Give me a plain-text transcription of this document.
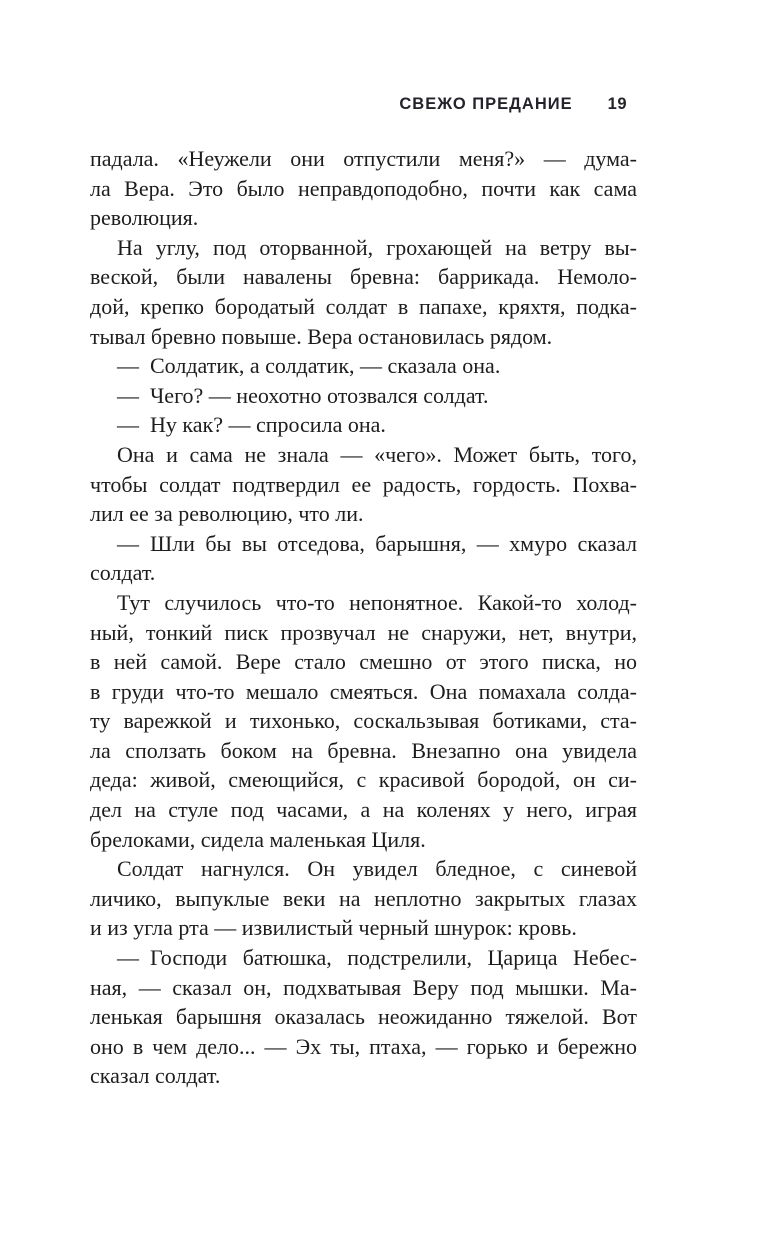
СВЕЖО ПРЕДАНИЕ 19
падала. «Неужели они отпустили меня?» — дума-
ла Вера. Это было неправдоподобно, почти как сама
революция.
На углу, под оторванной, грохающей на ветру вы-
веской, были навалены бревна: баррикада. Немоло-
дой, крепко бородатый солдат в папахе, кряхтя, подка-
тывал бревно повыше. Вера остановилась рядом.
— Солдатик, а солдатик, — сказала она.
— Чего? — неохотно отозвался солдат.
— Ну как? — спросила она.
Она и сама не знала — «чего». Может быть, того,
чтобы солдат подтвердил ее радость, гордость. Похва-
лил ее за революцию, что ли.
— Шли бы вы отседова, барышня, — хмуро сказал
солдат.
Тут случилось что-то непонятное. Какой-то холод-
ный, тонкий писк прозвучал не снаружи, нет, внутри,
в ней самой. Вере стало смешно от этого писка, но
в груди что-то мешало смеяться. Она помахала солда-
ту варежкой и тихонько, соскальзывая ботиками, ста-
ла сползать боком на бревна. Внезапно она увидела
деда: живой, смеющийся, с красивой бородой, он си-
дел на стуле под часами, а на коленях у него, играя
брелоками, сидела маленькая Циля.
Солдат нагнулся. Он увидел бледное, с синевой
личико, выпуклые веки на неплотно закрытых глазах
и из угла рта — извилистый черный шнурок: кровь.
— Господи батюшка, подстрелили, Царица Небес-
ная, — сказал он, подхватывая Веру под мышки. Ма-
ленькая барышня оказалась неожиданно тяжелой. Вот
оно в чем дело... — Эх ты, птаха, — горько и бережно
сказал солдат.
